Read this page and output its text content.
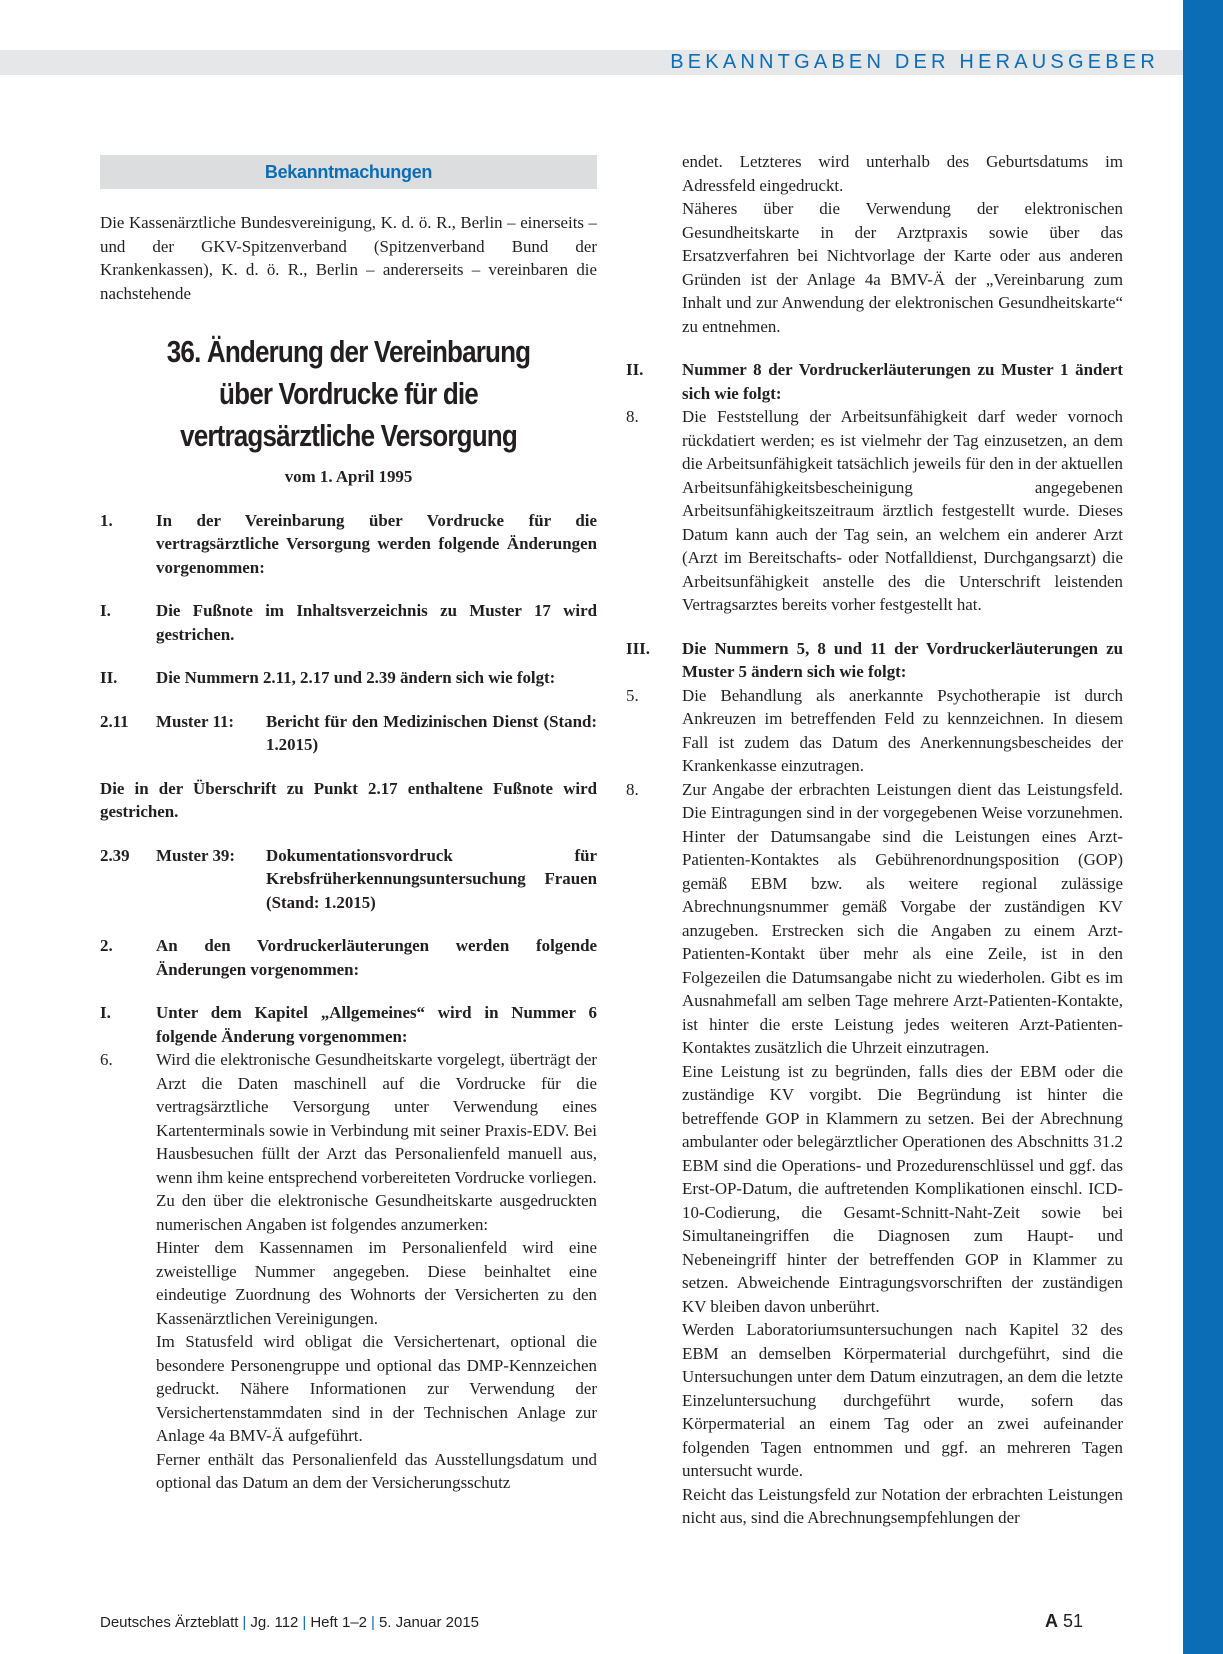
BEKANNTGABEN DER HERAUSGEBER
Bekanntmachungen

Die Kassenärztliche Bundesvereinigung, K. d. ö. R., Berlin – einerseits – und der GKV-Spitzenverband (Spitzenverband Bund der Krankenkassen), K. d. ö. R., Berlin – andererseits – vereinbaren die nachstehende

36. Änderung der Vereinbarung
über Vordrucke für die
vertragsärztliche Versorgung
vom 1. April 1995
1.	In der Vereinbarung über Vordrucke für die vertragsärztliche Versorgung werden folgende Änderungen vorgenommen:
I.	Die Fußnote im Inhaltsverzeichnis zu Muster 17 wird gestrichen.
II.	Die Nummern 2.11, 2.17 und 2.39 ändern sich wie folgt:
2.11	Muster 11:	Bericht für den Medizinischen Dienst (Stand: 1.2015)

Die in der Überschrift zu Punkt 2.17 enthaltene Fußnote wird gestrichen.

2.39	Muster 39:	Dokumentationsvordruck für Krebsfrüherkennungsuntersuchung Frauen (Stand: 1.2015)
2.	An den Vordruckerläuterungen werden folgende Änderungen vorgenommen:
I.	Unter dem Kapitel „Allgemeines“ wird in Nummer 6 folgende Änderung vorgenommen:
6.	Wird die elektronische Gesundheitskarte vorgelegt, überträgt der Arzt die Daten maschinell auf die Vordrucke für die vertragsärztliche Versorgung unter Verwendung eines Kartenterminals sowie in Verbindung mit seiner Praxis-EDV. Bei Hausbesuchen füllt der Arzt das Personalienfeld manuell aus, wenn ihm keine entsprechend vorbereiteten Vordrucke vorliegen.

Zu den über die elektronische Gesundheitskarte ausgedruckten numerischen Angaben ist folgendes anzumerken:

Hinter dem Kassennamen im Personalienfeld wird eine zweistellige Nummer angegeben. Diese beinhaltet eine eindeutige Zuordnung des Wohnorts der Versicherten zu den Kassenärztlichen Vereinigungen.

Im Statusfeld wird obligat die Versichertenart, optional die besondere Personengruppe und optional das DMP-Kennzeichen gedruckt. Nähere Informationen zur Verwendung der Versichertenstammdaten sind in der Technischen Anlage zur Anlage 4a BMV-Ä aufgeführt.

Ferner enthält das Personalienfeld das Ausstellungsdatum und optional das Datum an dem der Versicherungsschutz

endet. Letzteres wird unterhalb des Geburtsdatums im Adressfeld eingedruckt.

Näheres über die Verwendung der elektronischen Gesundheitskarte in der Arztpraxis sowie über das Ersatzverfahren bei Nichtvorlage der Karte oder aus anderen Gründen ist der Anlage 4a BMV-Ä der „Vereinbarung zum Inhalt und zur Anwendung der elektronischen Gesundheitskarte“ zu entnehmen.

II.	Nummer 8 der Vordruckerläuterungen zu Muster 1 ändert sich wie folgt:
8.	Die Feststellung der Arbeitsunfähigkeit darf weder vornoch rückdatiert werden; es ist vielmehr der Tag einzusetzen, an dem die Arbeitsunfähigkeit tatsächlich jeweils für den in der aktuellen Arbeitsunfähigkeitsbescheinigung angegebenen Arbeitsunfähigkeitszeitraum ärztlich festgestellt wurde. Dieses Datum kann auch der Tag sein, an welchem ein anderer Arzt (Arzt im Bereitschafts- oder Notfalldienst, Durchgangsarzt) die Arbeitsunfähigkeit anstelle des die Unterschrift leistenden Vertragsarztes bereits vorher festgestellt hat.
III.	Die Nummern 5, 8 und 11 der Vordruckerläuterungen zu Muster 5 ändern sich wie folgt:
5.	Die Behandlung als anerkannte Psychotherapie ist durch Ankreuzen im betreffenden Feld zu kennzeichnen. In diesem Fall ist zudem das Datum des Anerkennungsbescheides der Krankenkasse einzutragen.
8.	Zur Angabe der erbrachten Leistungen dient das Leistungsfeld. Die Eintragungen sind in der vorgegebenen Weise vorzunehmen. Hinter der Datumsangabe sind die Leistungen eines Arzt-Patienten-Kontaktes als Gebührenordnungsposition (GOP) gemäß EBM bzw. als weitere regional zulässige Abrechnungsnummer gemäß Vorgabe der zuständigen KV anzugeben. Erstrecken sich die Angaben zu einem Arzt-Patienten-Kontakt über mehr als eine Zeile, ist in den Folgezeilen die Datumsangabe nicht zu wiederholen. Gibt es im Ausnahmefall am selben Tage mehrere Arzt-Patienten-Kontakte, ist hinter die erste Leistung jedes weiteren Arzt-Patienten-Kontaktes zusätzlich die Uhrzeit einzutragen.

Eine Leistung ist zu begründen, falls dies der EBM oder die zuständige KV vorgibt. Die Begründung ist hinter die betreffende GOP in Klammern zu setzen. Bei der Abrechnung ambulanter oder belegärztlicher Operationen des Abschnitts 31.2 EBM sind die Operations- und Prozedurenschlüssel und ggf. das Erst-OP-Datum, die auftretenden Komplikationen einschl. ICD-10-Codierung, die Gesamt-Schnitt-Naht-Zeit sowie bei Simultaneingriffen die Diagnosen zum Haupt- und Nebeneingriff hinter der betreffenden GOP in Klammer zu setzen. Abweichende Eintragungsvorschriften der zuständigen KV bleiben davon unberührt.

Werden Laboratoriumsuntersuchungen nach Kapitel 32 des EBM an demselben Körpermaterial durchgeführt, sind die Untersuchungen unter dem Datum einzutragen, an dem die letzte Einzeluntersuchung durchgeführt wurde, sofern das Körpermaterial an einem Tag oder an zwei aufeinander folgenden Tagen entnommen und ggf. an mehreren Tagen untersucht wurde.

Reicht das Leistungsfeld zur Notation der erbrachten Leistungen nicht aus, sind die Abrechnungsempfehlungen der

Deutsches Ärzteblatt | Jg. 112 | Heft 1–2 | 5. Januar 2015	A 51
